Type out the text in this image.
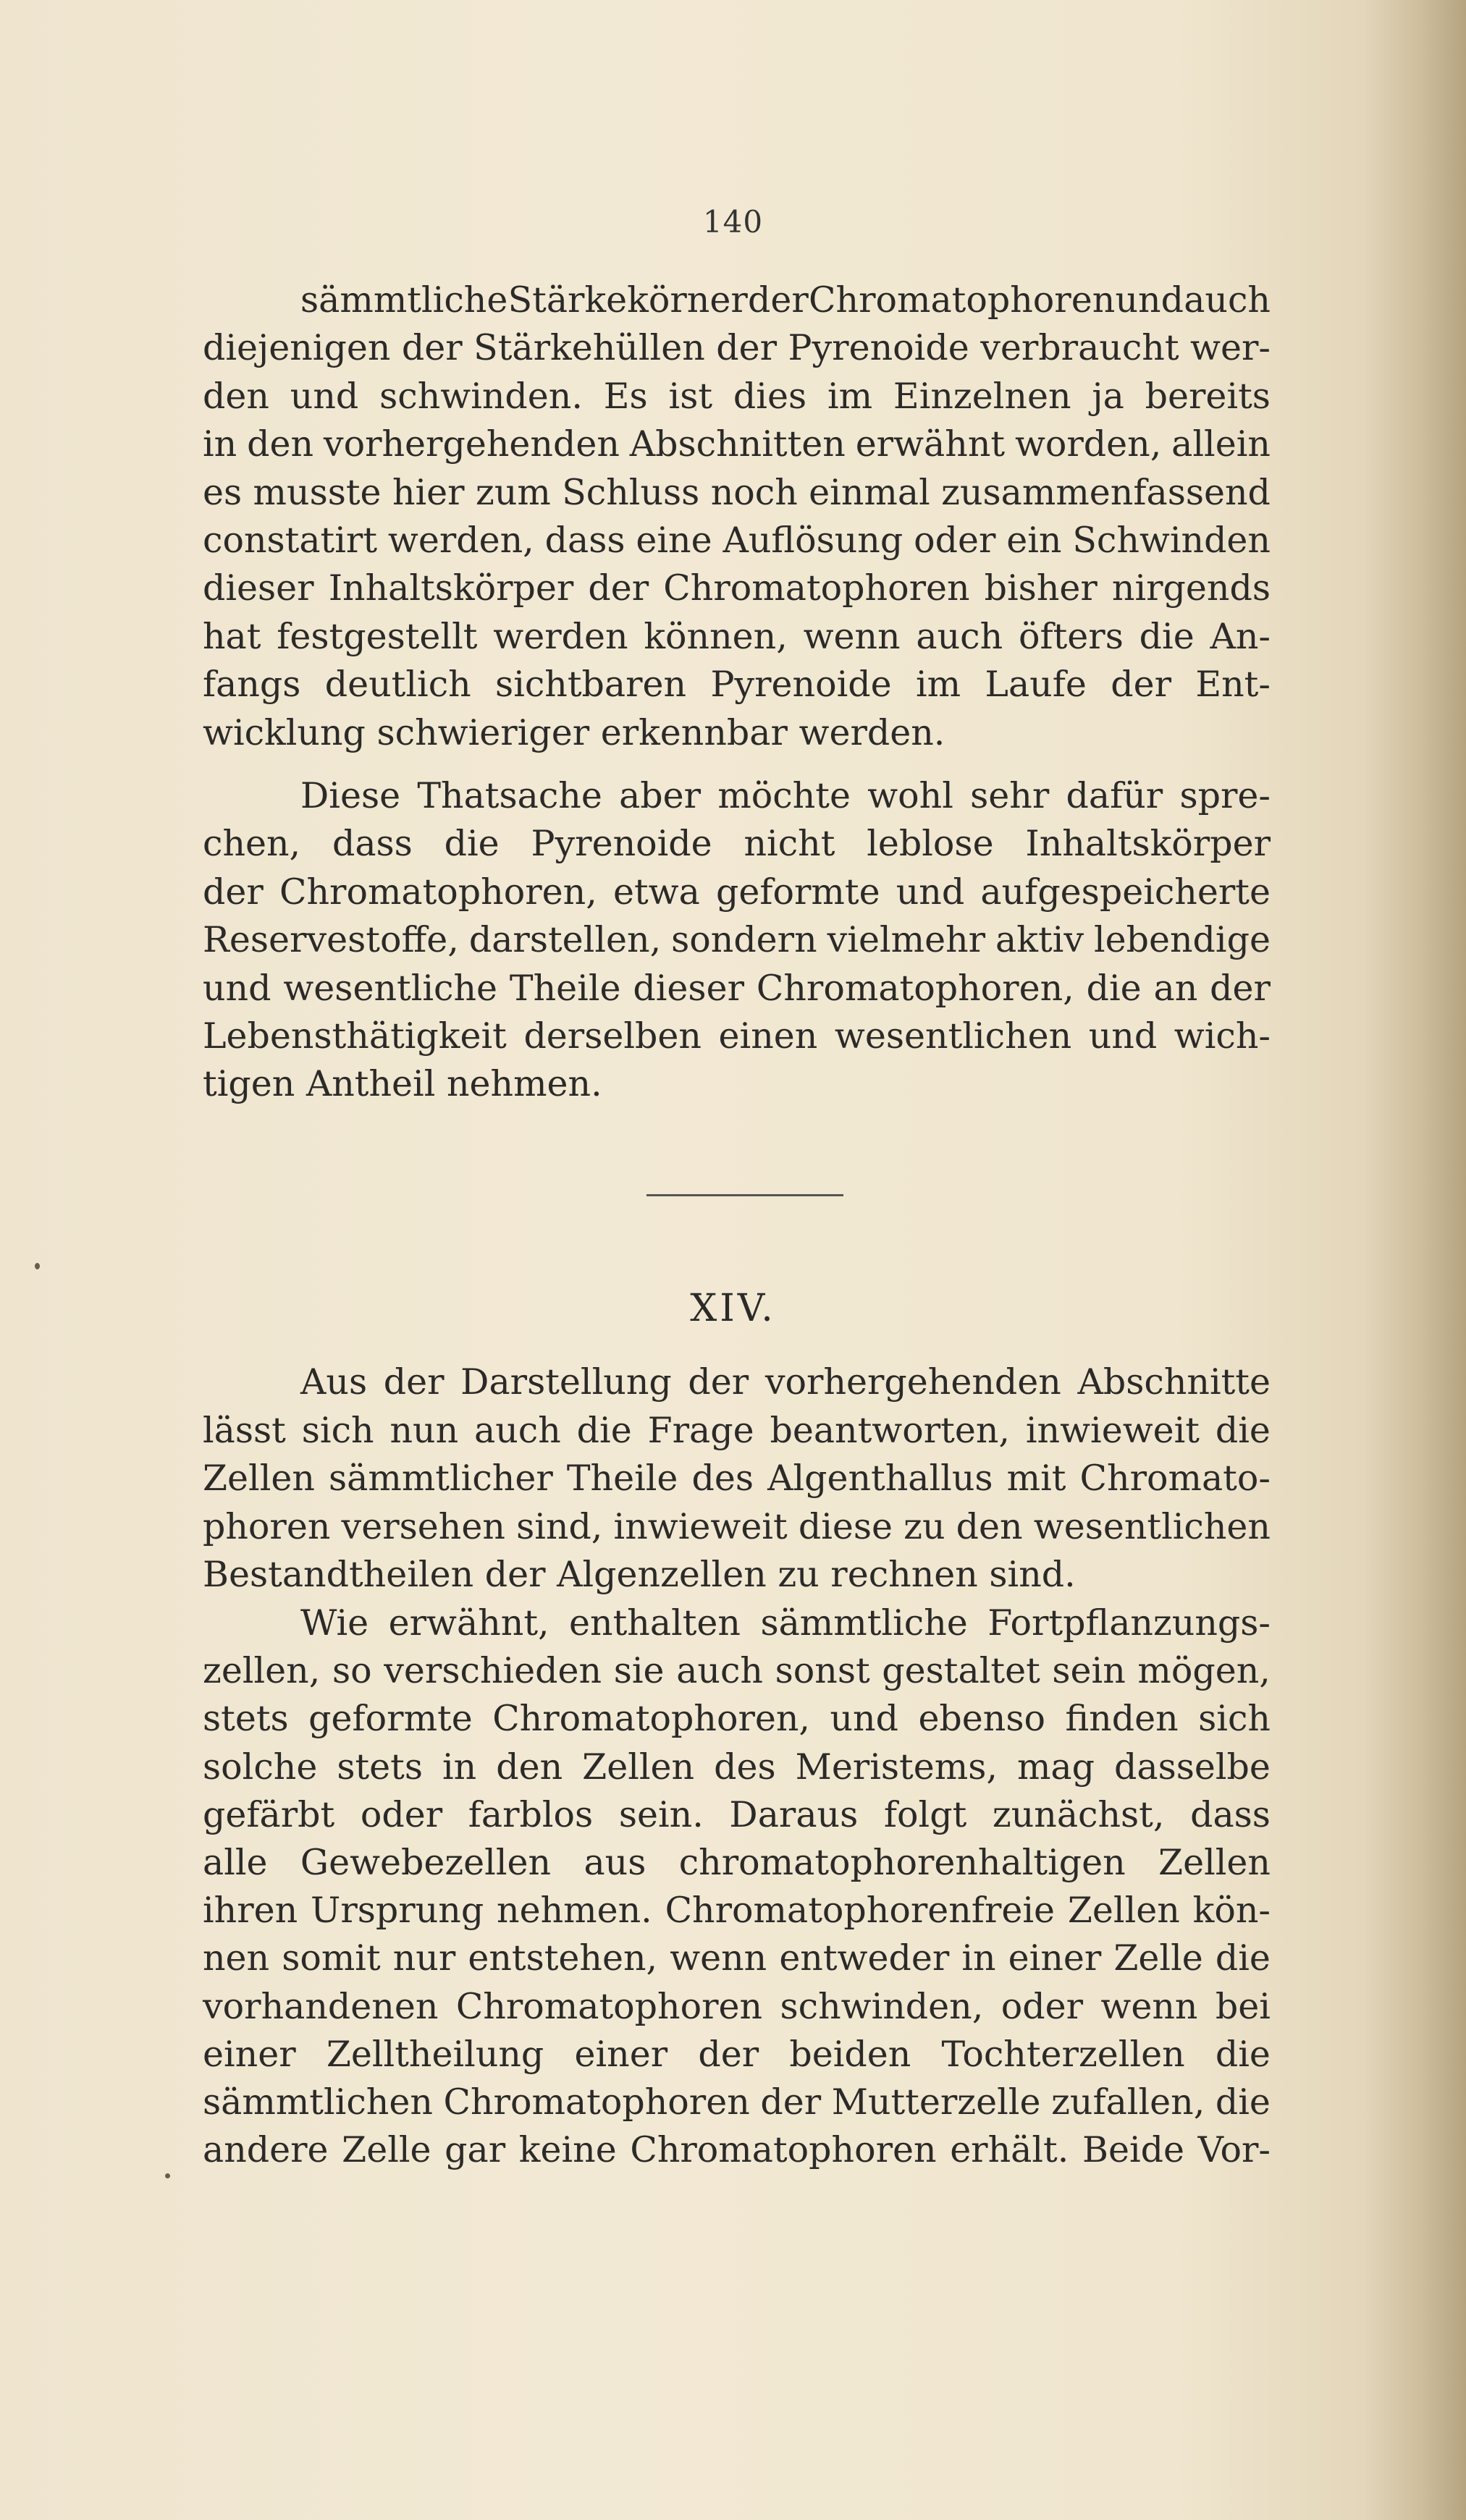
140
sämmtliche Stärkekörner der Chromatophoren und auch
diejenigen der Stärkehüllen der Pyrenoide verbraucht wer-
den und schwinden. Es ist dies im Einzelnen ja bereits
in den vorhergehenden Abschnitten erwähnt worden, allein
es musste hier zum Schluss noch einmal zusammenfassend
constatirt werden, dass eine Auflösung oder ein Schwinden
dieser Inhaltskörper der Chromatophoren bisher nirgends
hat festgestellt werden können, wenn auch öfters die An-
fangs deutlich sichtbaren Pyrenoide im Laufe der Ent-
wicklung schwieriger erkennbar werden.
Diese Thatsache aber möchte wohl sehr dafür spre-
chen, dass die Pyrenoide nicht leblose Inhaltskörper
der Chromatophoren, etwa geformte und aufgespeicherte
Reservestoffe, darstellen, sondern vielmehr aktiv lebendige
und wesentliche Theile dieser Chromatophoren, die an der
Lebensthätigkeit derselben einen wesentlichen und wich-
tigen Antheil nehmen.
XIV.
Aus der Darstellung der vorhergehenden Abschnitte
lässt sich nun auch die Frage beantworten, inwieweit die
Zellen sämmtlicher Theile des Algenthallus mit Chromato-
phoren versehen sind, inwieweit diese zu den wesentlichen
Bestandtheilen der Algenzellen zu rechnen sind.
Wie erwähnt, enthalten sämmtliche Fortpflanzungs-
zellen, so verschieden sie auch sonst gestaltet sein mögen,
stets geformte Chromatophoren, und ebenso finden sich
solche stets in den Zellen des Meristems, mag dasselbe
gefärbt oder farblos sein. Daraus folgt zunächst, dass
alle Gewebezellen aus chromatophorenhaltigen Zellen
ihren Ursprung nehmen. Chromatophorenfreie Zellen kön-
nen somit nur entstehen, wenn entweder in einer Zelle die
vorhandenen Chromatophoren schwinden, oder wenn bei
einer Zelltheilung einer der beiden Tochterzellen die
sämmtlichen Chromatophoren der Mutterzelle zufallen, die
andere Zelle gar keine Chromatophoren erhält. Beide Vor-
